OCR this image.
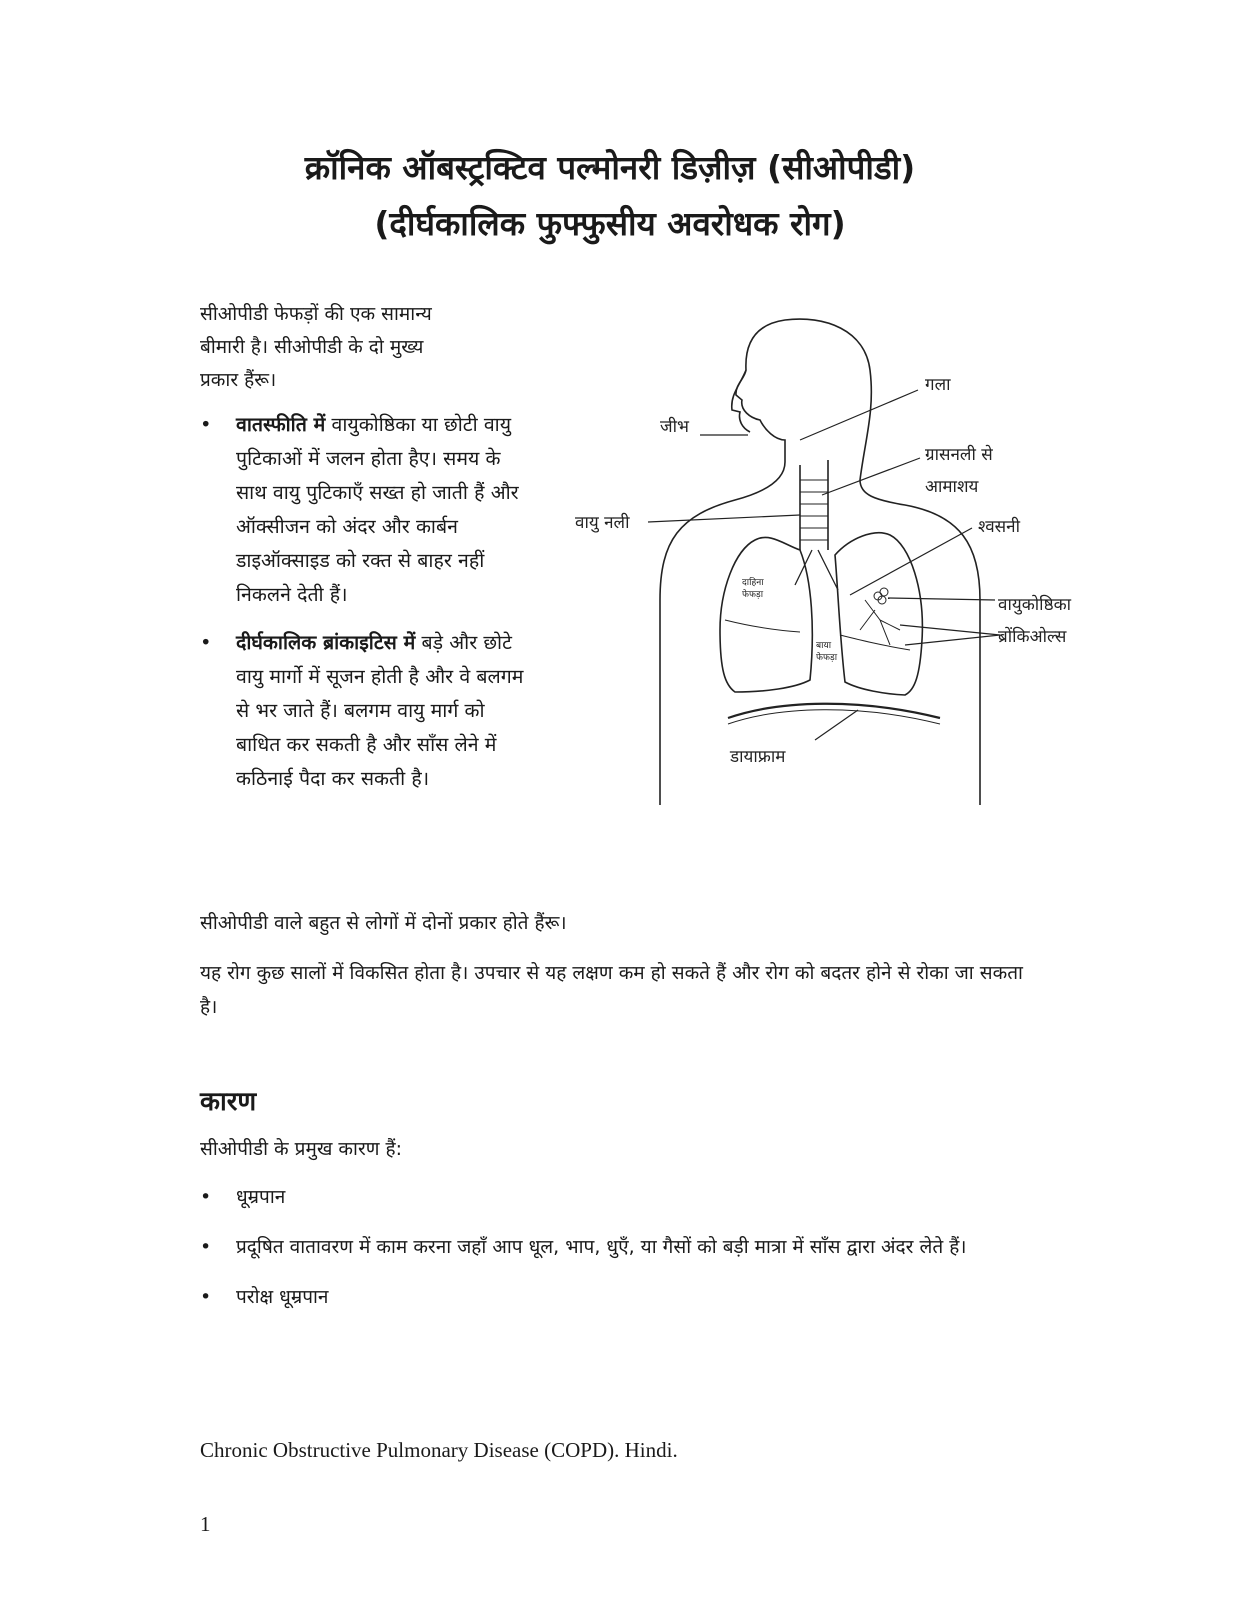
क्रॉनिक ऑबस्ट्रक्टिव पल्मोनरी डिज़ीज़ (सीओपीडी)
(दीर्घकालिक फुफ्फुसीय अवरोधक रोग)

सीओपीडी फेफड़ों की एक सामान्य
बीमारी है। सीओपीडी के दो मुख्य
प्रकार हैंरू।

• वातस्फीति में वायुकोष्ठिका या छोटी वायु पुटिकाओं में जलन होता हैए। समय के साथ वायु पुटिकाएँ सख्त हो जाती हैं और ऑक्सीजन को अंदर और कार्बन डाइऑक्साइड को रक्त से बाहर नहीं निकलने देती हैं।
• दीर्घकालिक ब्रांकाइटिस में बड़े और छोटे वायु मार्गो में सूजन होती है और वे बलगम से भर जाते हैं। बलगम वायु मार्ग को बाधित कर सकती है और साँस लेने में कठिनाई पैदा कर सकती है।
गला
जीभ
ग्रासनली से
आमाशय
वायु नली	श्वसनी
दाहिना
फेफड़ा	वायुकोष्ठिका
ब्रोंकिओल्स
बाया
फेफड़ा
डायाफ्राम

सीओपीडी वाले बहुत से लोगों में दोनों प्रकार होते हैंरू।

यह रोग कुछ सालों में विकसित होता है। उपचार से यह लक्षण कम हो सकते हैं और रोग को बदतर होने से रोका जा सकता है।

कारण

सीओपीडी के प्रमुख कारण हैं:

• धूम्रपान
• प्रदूषित वातावरण में काम करना जहाँ आप धूल, भाप, धुएँ, या गैसों को बड़ी मात्रा में साँस द्वारा अंदर लेते हैं।
• परोक्ष धूम्रपान

Chronic Obstructive Pulmonary Disease (COPD). Hindi.

1
